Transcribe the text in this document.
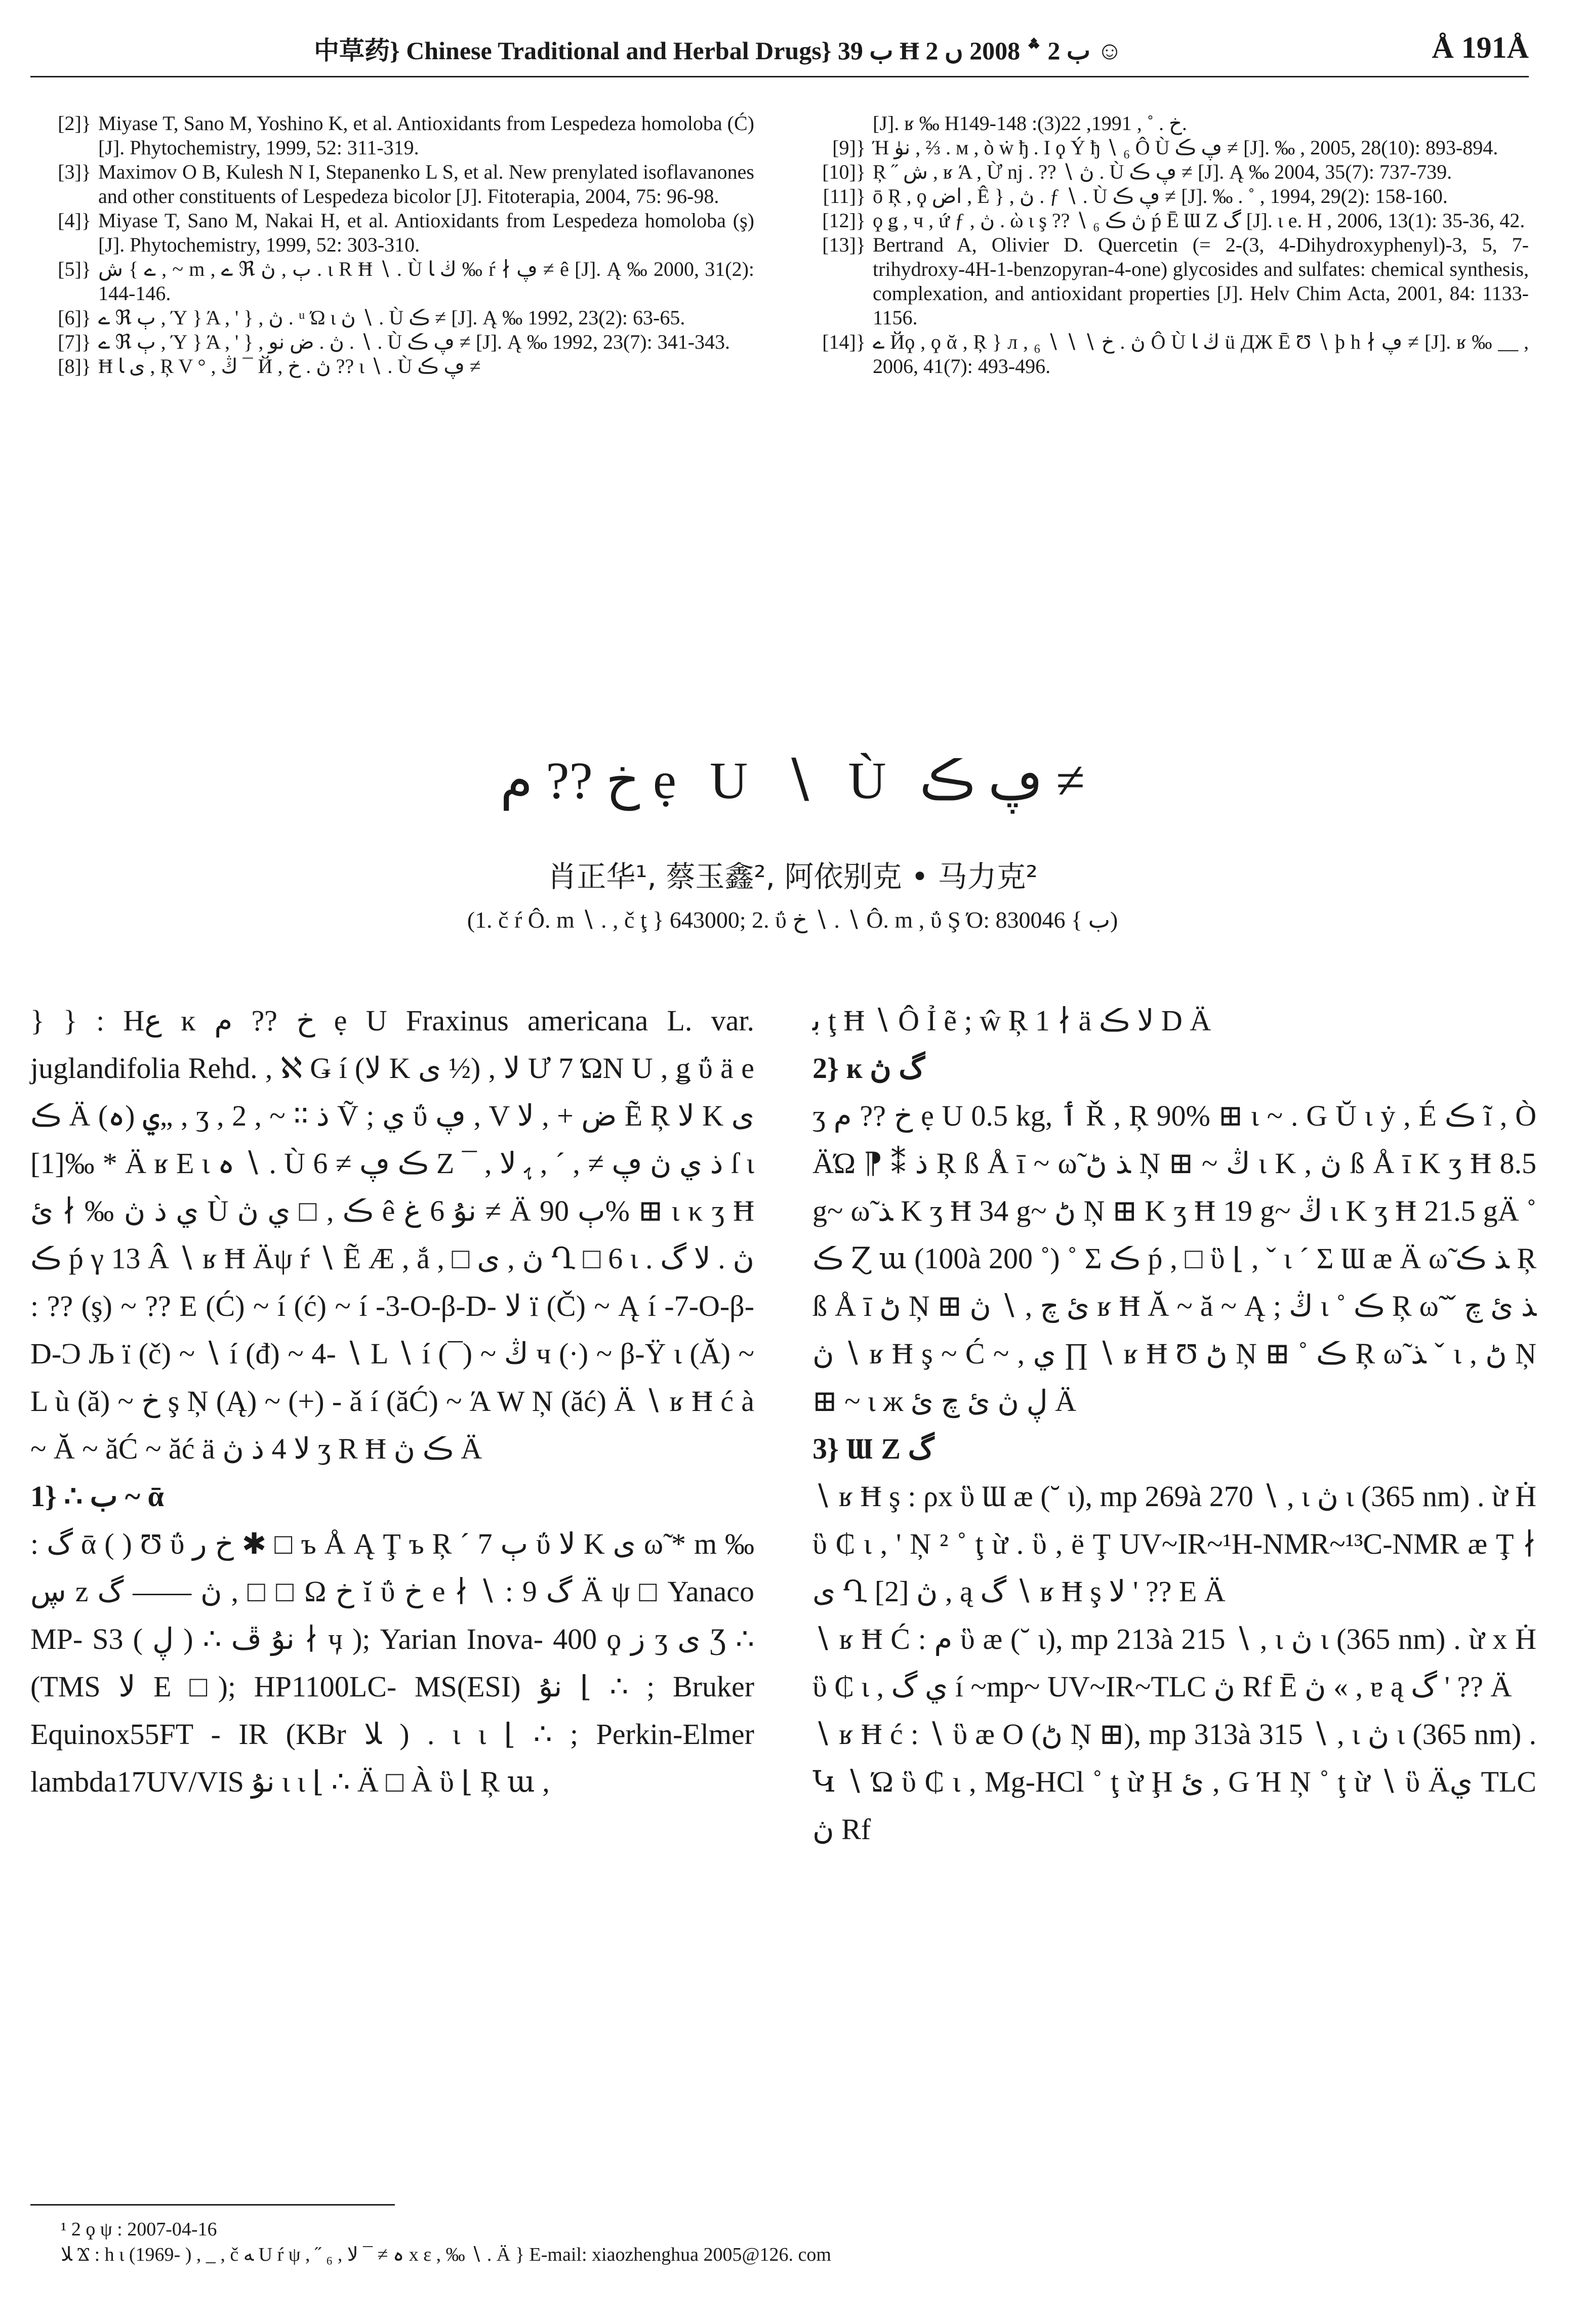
中草药} Chinese Traditional and Herbal Drugs} ب 39 Ħ ب 2 ؞ 2008 ں 2 ☺	Å 191Å
[2]} Miyase T, Sano M, Yoshino K, et al. Antioxidants from Lespedeza homoloba (Ć) [J]. Phytochemistry, 1999, 52: 311-319.
[3]} Maximov O B, Kulesh N I, Stepanenko L S, et al. New prenylated isoflavanones and other constituents of Lespedeza bicolor [J]. Fitoterapia, 2004, 75: 96-98.
[4]} Miyase T, Sano M, Nakai H, et al. Antioxidants from Lespedeza homoloba (ş) [J]. Phytochemistry, 1999, 52: 303-310.
[5]} ے } ش , ~ m , ے ℜ ٻ , ڽ . ι R Ħ ∖ . Ù ڬ ﺎ ‰ ŕ ∤ ڥ ≠ ê [J]. Ą ‰ 2000, 31(2): 144-146.
[6]} ے ℜ ٻ , Ύ } Ά , ' } , ڽ . ᵘ Ώ ι ڽ ∖ . Ù ڪ ≠ [J]. Ą ‰ 1992, 23(2): 63-65.
[7]} ے ℜ ٻ , Ύ } Ά , ' } , ڽ . ض نو . ∖ . Ù ڥ ڪ ≠ [J]. Ą ‰ 1992, 23(7): 341-343.
[8]} Ħ ی ﺎ , Ŗ V ° , ڭ ¯ Й , ڽ . خ ?? ι ∖ . Ù ڥ ڪ ≠
[J]. ʁ ‰ Нخ . ˚ , 1991, 22(3): 148-149.
[9]} Ή نۈ , ⅔ . м , ò ẇ ђ . Ι ϙ Ý ђ ∖ ₆ Ô Ù ڥ ڪ ≠ [J]. ‰ , 2005, 28(10): 893-894.
[10]} Ŗ ˝ ش , ʁ Ά , Ừ nj . ?? ∖ ڽ . Ù ڥ ڪ ≠ [J]. Ą ‰ 2004, 35(7): 737-739.
[11]} ō Ŗ , ϙ اض , Ê } , ڽ . ƒ ∖ . Ù ڥ ڪ ≠ [J]. ‰ . ˚ , 1994, 29(2): 158-160.
[12]} ϙ ǥ , ч , ứ ƒ , ڽ . ὼ ι ş ?? ∖ ₆ ڽ ڪ ṕ Ē Ɯ Ζ گ [J]. ι e. Н , 2006, 13(1): 35-36, 42.
[13]} Bertrand A, Olivier D. Quercetin (= 2-(3, 4-Dihydroxyphenyl)-3, 5, 7-trihydroxy-4H-1-benzopyran-4-one) glycosides and sulfates: chemical synthesis, complexation, and antioxidant properties [J]. Helv Chim Acta, 2001, 84: 1133-1156.
[14]} ے Йϙ , ϙ ᾰ , Ŗ } л , ڽ . خ ∖ ∖ ∖ ₆ Ô Ù ڬ ﺎ ü ДЖ Ē Ʊ ∖ ϸ h ∤ ڥ ≠ [J]. ʁ ‰ __ , 2006, 41(7): 493-496.
خ ?? م ẹ U ∖ Ù ڥ ڪ ≠
肖正华¹, 蔡玉鑫², 阿依别克 • 马力克²
(1. č ŕ Ô. m ∖ . , č ţ } 643000; 2. ΰ خ ∖ . ∖ Ô. m , ΰ Ş Ό: ب } 830046)

} } : Нع ĸ خ ?? م ẹ U Fraxinus americana L. var. juglandifolia Rehd. , ℵ Ǥ í (لا K ی ½) , لا Ư 7 ΏΝ U , ǥ ΰ ä e ڪ Ä ي (ہ)„ , ʒ , ذ ∶∶ ~ , 2 Ṽ ; ي ΰ ڥ , V ض + , لا Ẽ Ŗ لا K ی * ‰[1] Ä ʁ E ι ہ ∖ . Ù ڪ ڥ ≠ 6 Ζ ¯ , ذ ي ڽ ڥ ≠ , ´ , ﮨ لا ſ ι ي ذ ڽ ‰ ∤ ئ Ù ڪ , □ ي ڽ ê نۇ 6 غ ≠ Ä ٻ 90% ⊞ ι κ ʒ Ħ ڪ ṕ γ 13 Â ∖ ʁ Ħ Äψ ŕ ∖ Ẽ Æ , ắ , □ ڽ , ی Ղ □ 6 ι . ڽ . ﻻ گ : ?? (ş) ~ ?? E (Ć) ~ í (ć) ~ í -3-O-β-D- لا ï (Č) ~ Ą í -7-O-β-D-Ͻ Љ ï (č) ~ ∖ í (đ) ~ 4- ∖ L ∖ í (¯) ~ ڭ ч (·) ~ β-Ÿ ι (Ă) ~ L ù (ă) ~ خ ş Ņ (Ą) ~ (+) - ǎ í (ăĆ) ~ Ά W Ņ (ăć) Ä ∖ ʁ Ħ ć à ~ Ă ~ ăĆ ~ ăć ä لا 4 ذ ڽ ʒ R Ħ ڪ ڽ Ä

1} ∴ ب ~ ᾱ

: گ ᾱ ( ) Ʊ ΰ خ ر ✱ □ ъ Å Ą Ţ ъ Ŗ ´ 7 ٻ ΰ لا K ی ω̃ * m ‰ ڛ z ڽ —— گ , □ □ Ω خ ĭ ΰ خ e ∤ ∖ : گ 9 Ä ψ □ Yanaco MP- S3 نۇ ڦ ∴ ( ڸ ) ∤ ӌ ); Yarian Inova- 400 ϙ ز ʒ ی Ʒ ∴ (TMS لا E □); HP1100LC- MS(ESI) نۇ ⌊ ∴ ; Bruker Equinox55FT - IR (KBr ﻼ ) . ι ι ⌊ ∴ ; Perkin-Elmer lambda17UV/VIS نۇ ι ι ⌊ ∴ Ä □ À ὓ ⌊ Ŗ ա ,

ﺑ ţ Ħ ∖ Ô Ỉ ẽ ; ŵ Ŗ 1 ∤ ä لا ڪ D Ä

2} ĸ گ ڽ

ʒ خ ?? م ẹ U 0.5 kg, ٲ Ř , Ŗ 90% ⊞ ι ~ . G Ŭ ι ẏ , É ڪ ĩ , Ò ÄΏ ⁋ ⁑ ذ Ŗ ß Å ī ~ ω̃ ﺬ ڻ Ņ ⊞ ~ ڭ ι K , ڽ ß Å ī K ʒ Ħ 8.5 g~ ω̃ ﺬ K ʒ Ħ 34 g~ ڻ Ņ ⊞ K ʒ Ħ 19 g~ ڭ ι K ʒ Ħ 21.5 gÄ ˚ ڪ Ɀ ա (100à 200 ˚) ˚ Σ ڪ ṕ , □ ὓ ⌊ , ˇ ι ´ Σ Ɯ ӕ Ä ω̃ ﺬ ڪ Ŗ ß Å ī ڻ Ņ ⊞ ئ چ , ∖ ڽ ʁ Ħ Ă ~ ă ~ Ą ; ڭ ι ˚ ڪ Ŗ ω̃ ˇ ﺬ ئ چ ∖ ڽ ʁ Ħ ş ~ Ć ~ , ي ∏ ∖ ʁ Ħ Ʊ ڻ Ņ ⊞ ˚ ڪ Ŗ ω̃ ﺬ ˇ ι , ڻ Ņ ⊞ ~ ι ж ڸ ڽ ئ چ ئ Ä

3} Ɯ Ζ گ

∖ ʁ Ħ ş : ρx ὓ Ɯ ӕ (˘ ι), mp 269à 270 ∖ , ι ڽ ι (365 nm) . ừ Ḣ ὓ ₵ ι , ' Ņ ² ˚ ţ ừ . ὓ , ë Ţ UV~IR~¹H-NMR~¹³C-NMR ӕ Ţ ∤ ی Ղ ڽ [2] , ą گ ∖ ʁ Ħ ş لا ' ?? E Ä

∖ ʁ Ħ Ć : م ὓ ӕ (˘ ι), mp 213à 215 ∖ , ι ڽ ι (365 nm) . ừ x Ḣ ὓ ₵ ι , ي گ í ~mp~ UV~IR~TLC ڽ Rf Ē ڽ « , ɐ ą گ ' ?? Ä

∖ ʁ Ħ ć : ∖ ὓ ӕ O (ڻ Ņ ⊞), mp 313à 315 ∖ , ι ڽ ι (365 nm) . Կ ∖ Ώ ὓ ₵ ι , Mg-HCl ˚ ţ ừ Ḩ ئ , G Ή Ņ ˚ ţ ừ ∖ ὓ Äي TLC ڽ Rf

¹ 2 ϙ ψ : 2007-04-16

ﻼ Ϫ : h ι (1969- ) , _ , č ﻪ U ŕ ψ , ˝ ₆ , ہ ≠ ¯ لا x ε , ‰ ∖ . Ä } E-mail: xiaozhenghua 2005@126. com
